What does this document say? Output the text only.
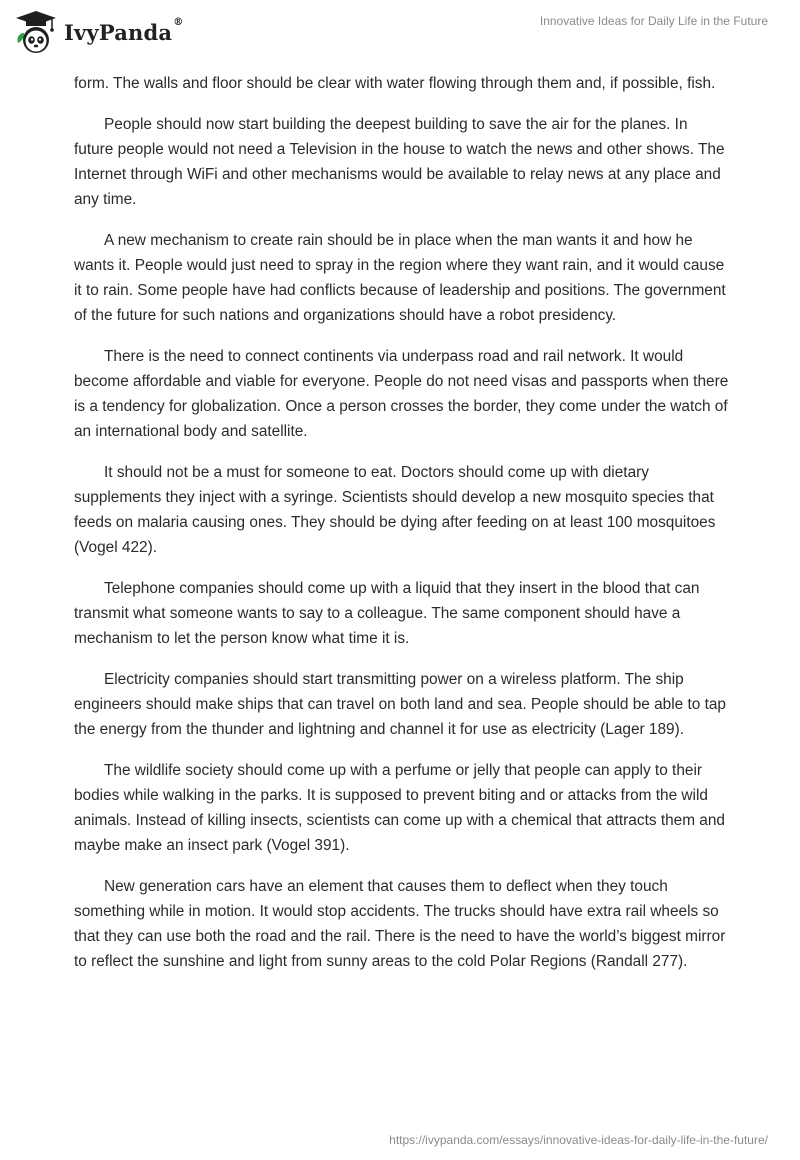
IvyPanda®	Innovative Ideas for Daily Life in the Future

form. The walls and floor should be clear with water flowing through them and, if possible, fish.

People should now start building the deepest building to save the air for the planes. In future people would not need a Television in the house to watch the news and other shows. The Internet through WiFi and other mechanisms would be available to relay news at any place and any time.

A new mechanism to create rain should be in place when the man wants it and how he wants it. People would just need to spray in the region where they want rain, and it would cause it to rain. Some people have had conflicts because of leadership and positions. The government of the future for such nations and organizations should have a robot presidency.

There is the need to connect continents via underpass road and rail network. It would become affordable and viable for everyone. People do not need visas and passports when there is a tendency for globalization. Once a person crosses the border, they come under the watch of an international body and satellite.

It should not be a must for someone to eat. Doctors should come up with dietary supplements they inject with a syringe. Scientists should develop a new mosquito species that feeds on malaria causing ones. They should be dying after feeding on at least 100 mosquitoes (Vogel 422).

Telephone companies should come up with a liquid that they insert in the blood that can transmit what someone wants to say to a colleague. The same component should have a mechanism to let the person know what time it is.

Electricity companies should start transmitting power on a wireless platform. The ship engineers should make ships that can travel on both land and sea. People should be able to tap the energy from the thunder and lightning and channel it for use as electricity (Lager 189).

The wildlife society should come up with a perfume or jelly that people can apply to their bodies while walking in the parks. It is supposed to prevent biting and or attacks from the wild animals. Instead of killing insects, scientists can come up with a chemical that attracts them and maybe make an insect park (Vogel 391).

New generation cars have an element that causes them to deflect when they touch something while in motion. It would stop accidents. The trucks should have extra rail wheels so that they can use both the road and the rail. There is the need to have the world’s biggest mirror to reflect the sunshine and light from sunny areas to the cold Polar Regions (Randall 277).

https://ivypanda.com/essays/innovative-ideas-for-daily-life-in-the-future/
